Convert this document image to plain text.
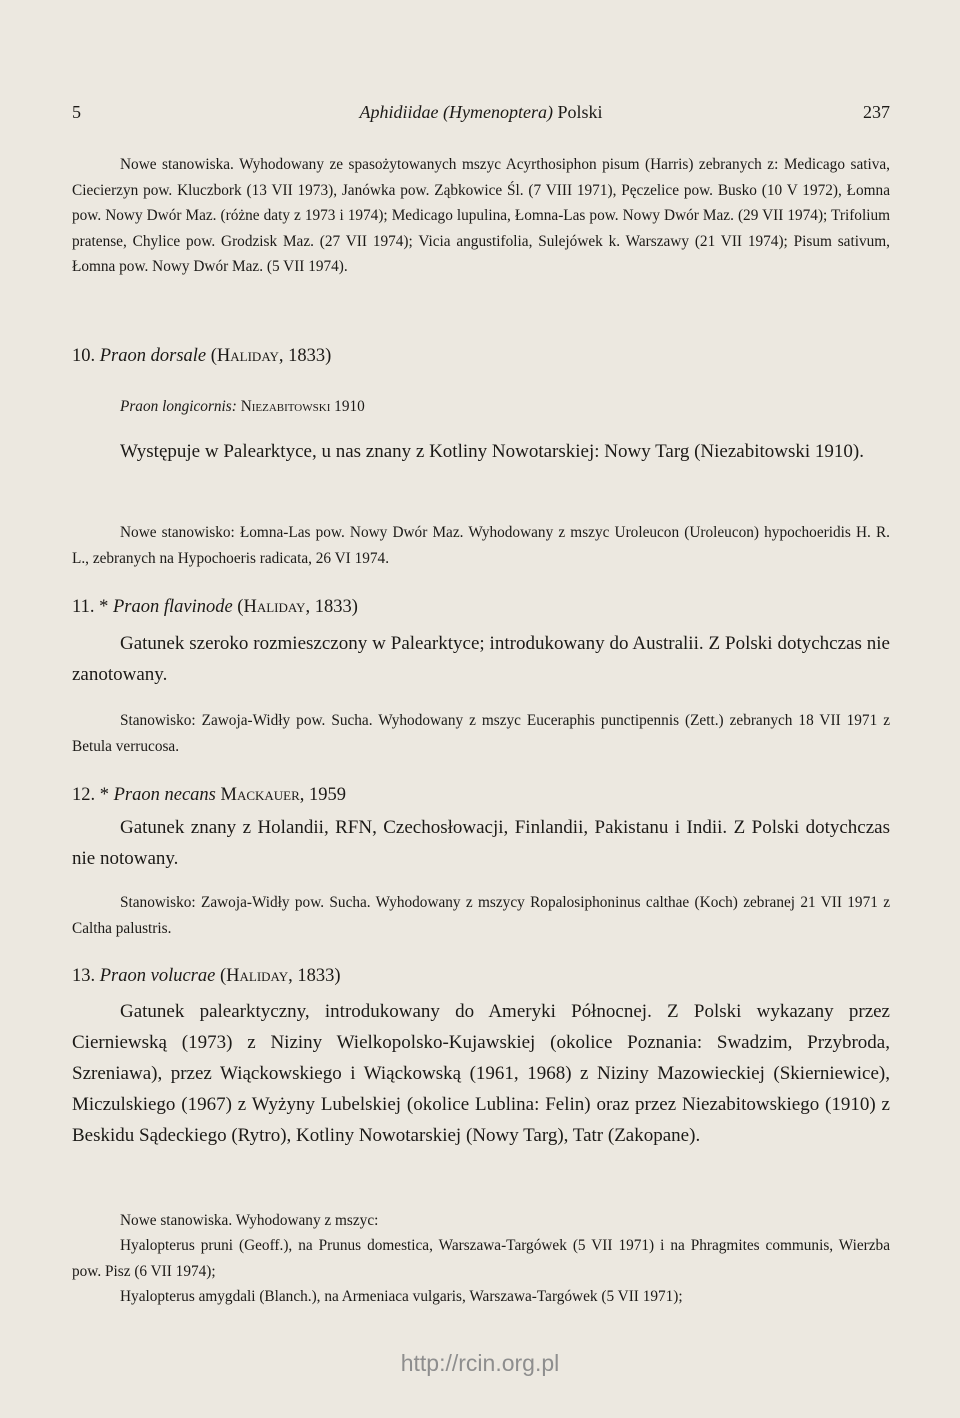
5	Aphidiidae (Hymenoptera) Polski	237
Nowe stanowiska. Wyhodowany ze spasożytowanych mszyc Acyrthosiphon pisum (Harris) zebranych z: Medicago sativa, Ciecierzyn pow. Kluczbork (13 VII 1973), Janówka pow. Ząbkowice Śl. (7 VIII 1971), Pęczelice pow. Busko (10 V 1972), Łomna pow. Nowy Dwór Maz. (różne daty z 1973 i 1974); Medicago lupulina, Łomna-Las pow. Nowy Dwór Maz. (29 VII 1974); Trifolium pratense, Chylice pow. Grodzisk Maz. (27 VII 1974); Vicia angustifolia, Sulejówek k. Warszawy (21 VII 1974); Pisum sativum, Łomna pow. Nowy Dwór Maz. (5 VII 1974).
10. Praon dorsale (Haliday, 1833)
Praon longicornis: Niezabitowski 1910
Występuje w Palearktyce, u nas znany z Kotliny Nowotarskiej: Nowy Targ (Niezabitowski 1910).
Nowe stanowisko: Łomna-Las pow. Nowy Dwór Maz. Wyhodowany z mszyc Uroleucon (Uroleucon) hypochoeridis H. R. L., zebranych na Hypochoeris radicata, 26 VI 1974.
11. * Praon flavinode (Haliday, 1833)
Gatunek szeroko rozmieszczony w Palearktyce; introdukowany do Australii. Z Polski dotychczas nie zanotowany.
Stanowisko: Zawoja-Widły pow. Sucha. Wyhodowany z mszyc Euceraphis punctipennis (Zett.) zebranych 18 VII 1971 z Betula verrucosa.
12. * Praon necans Mackauer, 1959
Gatunek znany z Holandii, RFN, Czechosłowacji, Finlandii, Pakistanu i Indii. Z Polski dotychczas nie notowany.
Stanowisko: Zawoja-Widły pow. Sucha. Wyhodowany z mszycy Ropalosiphoninus calthae (Koch) zebranej 21 VII 1971 z Caltha palustris.
13. Praon volucrae (Haliday, 1833)
Gatunek palearktyczny, introdukowany do Ameryki Północnej. Z Polski wykazany przez Cierniewską (1973) z Niziny Wielkopolsko-Kujawskiej (okolice Poznania: Swadzim, Przybroda, Szreniawa), przez Wiąckowskiego i Wiąckowską (1961, 1968) z Niziny Mazowieckiej (Skierniewice), Miczulskiego (1967) z Wyżyny Lubelskiej (okolice Lublina: Felin) oraz przez Niezabitowskiego (1910) z Beskidu Sądeckiego (Rytro), Kotliny Nowotarskiej (Nowy Targ), Tatr (Zakopane).
Nowe stanowiska. Wyhodowany z mszyc:
Hyalopterus pruni (Geoff.), na Prunus domestica, Warszawa-Targówek (5 VII 1971) i na Phragmites communis, Wierzba pow. Pisz (6 VII 1974);
Hyalopterus amygdali (Blanch.), na Armeniaca vulgaris, Warszawa-Targówek (5 VII 1971);
http://rcin.org.pl
